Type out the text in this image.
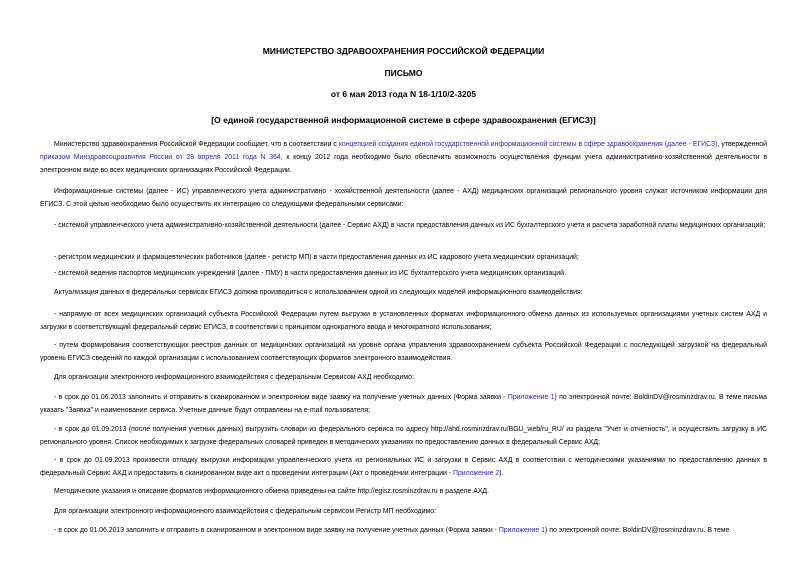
МИНИСТЕРСТВО ЗДРАВООХРАНЕНИЯ РОССИЙСКОЙ ФЕДЕРАЦИИ
ПИСЬМО
от 6 мая 2013 года N 18-1/10/2-3205
[О единой государственной информационной системе в сфере здравоохранения (ЕГИСЗ)]
Министерство здравоохранения Российской Федерации сообщает, что в соответствии с концепцией создания единой государственной информационной системы в сфере здравоохранения (далее - ЕГИСЗ), утвержденной приказом Минздравсоцразвития России от 28 апреля 2011 года N 364, к концу 2012 года необходимо было обеспечить возможность осуществления функции учета административно-хозяйственной деятельности в электронном виде во всех медицинских организациях Российской Федерации.
Информационные системы (далее - ИС) управленческого учета административно - хозяйственной деятельности (далее - АХД) медицинских организаций регионального уровня служат источником информации для ЕГИСЗ. С этой целью необходимо было осуществить их интеграцию со следующими федеральными сервисами:
- системой управленческого учета административно-хозяйственной деятельности (далее - Сервис АХД) в части предоставления данных из ИС бухгалтерского учета и расчета заработной платы медицинских организаций;
- регистром медицинских и фармацевтических работников (далее - регистр МП) в части предоставления данных из ИС кадрового учета медицинских организаций;
- системой ведения паспортов медицинских учреждений (далее - ПМУ) в части предоставления данных из ИС бухгалтерского учета медицинских организаций.
Актуализация данных в федеральных сервисах ЕГИСЗ должна производиться с использованием одной из следующих моделей информационного взаимодействия:
- напрямую от всех медицинских организаций субъекта Российской Федерации путем выгрузки в установленных форматах информационного обмена данных из используемых организациями учетных систем АХД и загрузки в соответствующий федеральный сервис ЕГИСЗ, в соответствии с принципом однократного ввода и многократного использования;
- путем формирования соответствующих реестров данных от медицинских организаций на уровне органа управления здравоохранением субъекта Российской Федерации с последующей загрузкой на федеральный уровень ЕГИСЗ сведений по каждой организации с использованием соответствующих форматов электронного взаимодействия.
Для организации электронного информационного взаимодействия с федеральным Сервисом АХД необходимо:
- в срок до 01.06.2013 заполнить и отправить в сканированном и электронном виде заявку на получение учетных данных (Форма заявки - Приложение 1) по электронной почте: BoldinDV@rosminzdrav.ru. В теме письма указать "Заявка" и наименование сервиса. Учетные данные будут отправлены на e-mail пользователя;
- в срок до 01.09.2013 (после получения учетных данных) выгрузить словари из федерального сервиса по адресу http://ahd.rosminzdrav.ru/BGU_web/ru_RU/ из раздела "Учет и отчетность", и осуществить загрузку в ИС регионального уровня. Список необходимых к загрузке федеральных словарей приведен в методических указаниях по предоставлению данных в федеральный Сервис АХД;
- в срок до 01.09.2013 произвести отладку выгрузки информации управленческого учета из региональных ИС и загрузки в Сервис АХД в соответствии с методическими указаниями по предоставлению данных в федеральный Сервис АХД и предоставить в сканированном виде акт о проведении интеграции (Акт о проведении интеграции - Приложение 2).
Методические указания и описание форматов информационного обмена приведены на сайте http://egisz.rosminzdrav.ru в разделе АХД.
Для организации электронного информационного взаимодействия с федеральным сервисом Регистр МП необходимо:
- в срок до 01.06.2013 заполнить и отправить в сканированном и электронном виде заявку на получение учетных данных (Форма заявки - Приложение 1) по электронной почте: BoldinDV@rosminzdrav.ru. В теме
